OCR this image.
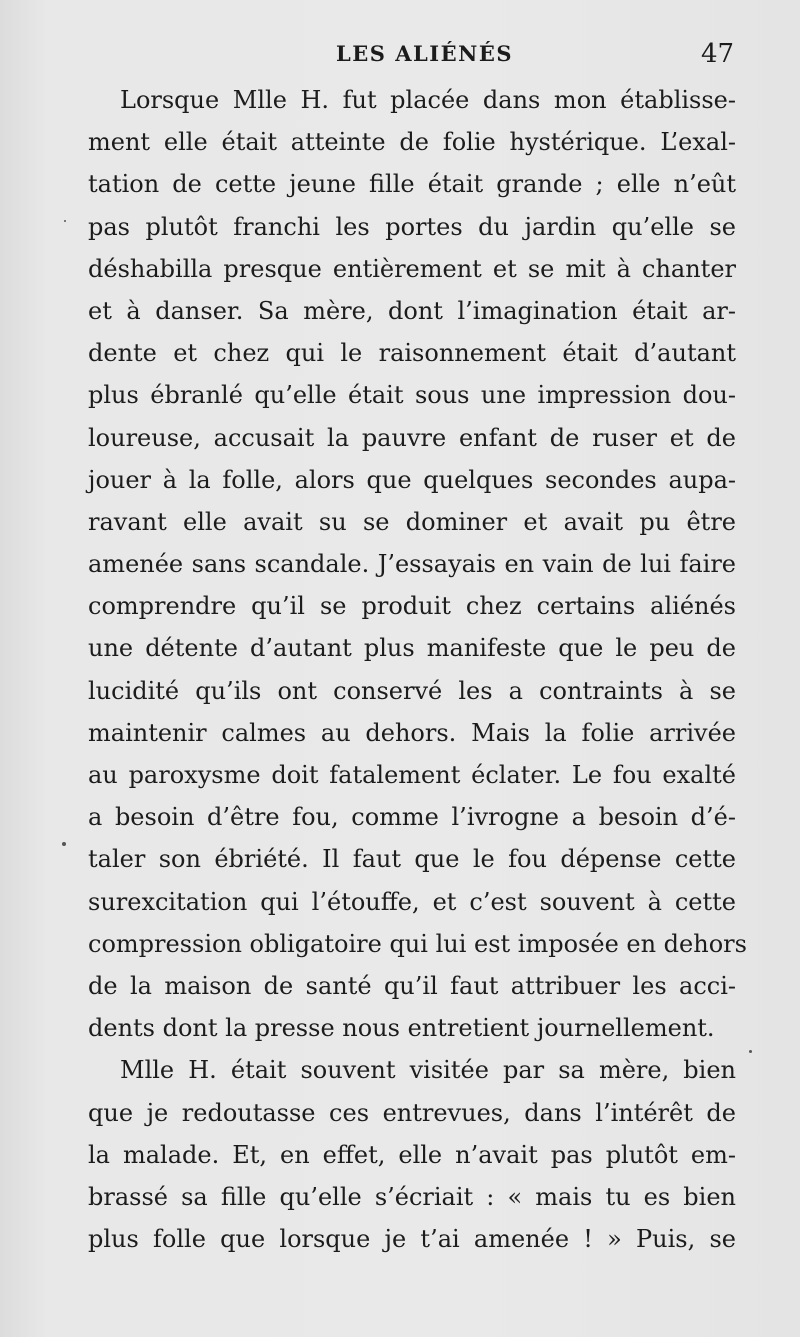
LES ALIÉNÉS	47
Lorsque Mlle H. fut placée dans mon établisse-
ment elle était atteinte de folie hystérique. L’exal-
tation de cette jeune fille était grande ; elle n’eût
pas plutôt franchi les portes du jardin qu’elle se
déshabilla presque entièrement et se mit à chanter
et à danser. Sa mère, dont l’imagination était ar-
dente et chez qui le raisonnement était d’autant
plus ébranlé qu’elle était sous une impression dou-
loureuse, accusait la pauvre enfant de ruser et de
jouer à la folle, alors que quelques secondes aupa-
ravant elle avait su se dominer et avait pu être
amenée sans scandale. J’essayais en vain de lui faire
comprendre qu’il se produit chez certains aliénés
une détente d’autant plus manifeste que le peu de
lucidité qu’ils ont conservé les a contraints à se
maintenir calmes au dehors. Mais la folie arrivée
au paroxysme doit fatalement éclater. Le fou exalté
a besoin d’être fou, comme l’ivrogne a besoin d’é-
taler son ébriété. Il faut que le fou dépense cette
surexcitation qui l’étouffe, et c’est souvent à cette
compression obligatoire qui lui est imposée en dehors
de la maison de santé qu’il faut attribuer les acci-
dents dont la presse nous entretient journellement.
Mlle H. était souvent visitée par sa mère, bien
que je redoutasse ces entrevues, dans l’intérêt de
la malade. Et, en effet, elle n’avait pas plutôt em-
brassé sa fille qu’elle s’écriait : « mais tu es bien
plus folle que lorsque je t’ai amenée ! » Puis, se
